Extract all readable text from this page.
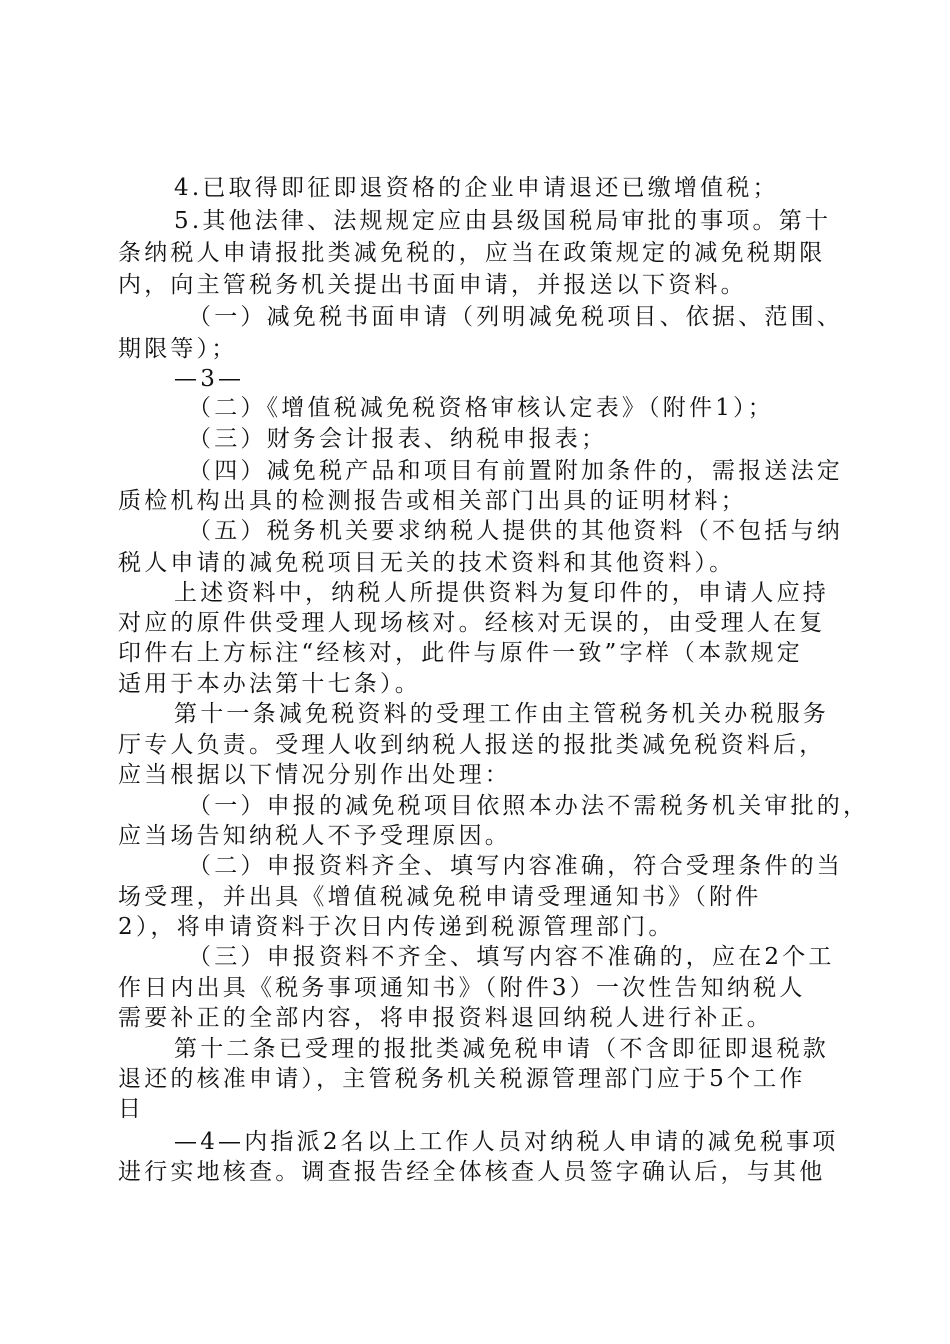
4.已取得即征即退资格的企业申请退还已缴增值税；
5.其他法律、法规规定应由县级国税局审批的事项。第十
条纳税人申请报批类减免税的，应当在政策规定的减免税期限
内，向主管税务机关提出书面申请，并报送以下资料。
（一）减免税书面申请（列明减免税项目、依据、范围、
期限等）；
—3—
（二）《增值税减免税资格审核认定表》（附件1）；
（三）财务会计报表、纳税申报表；
（四）减免税产品和项目有前置附加条件的，需报送法定
质检机构出具的检测报告或相关部门出具的证明材料；
（五）税务机关要求纳税人提供的其他资料（不包括与纳
税人申请的减免税项目无关的技术资料和其他资料）。
上述资料中，纳税人所提供资料为复印件的，申请人应持
对应的原件供受理人现场核对。经核对无误的，由受理人在复
印件右上方标注“经核对，此件与原件一致”字样（本款规定
适用于本办法第十七条）。
第十一条减免税资料的受理工作由主管税务机关办税服务
厅专人负责。受理人收到纳税人报送的报批类减免税资料后，
应当根据以下情况分别作出处理：
（一）申报的减免税项目依照本办法不需税务机关审批的，
应当场告知纳税人不予受理原因。
（二）申报资料齐全、填写内容准确，符合受理条件的当
场受理，并出具《增值税减免税申请受理通知书》（附件
2），将申请资料于次日内传递到税源管理部门。
（三）申报资料不齐全、填写内容不准确的，应在2个工
作日内出具《税务事项通知书》（附件3）一次性告知纳税人
需要补正的全部内容，将申报资料退回纳税人进行补正。
第十二条已受理的报批类减免税申请（不含即征即退税款
退还的核准申请），主管税务机关税源管理部门应于5个工作
日
—4—内指派2名以上工作人员对纳税人申请的减免税事项
进行实地核查。调查报告经全体核查人员签字确认后，与其他
